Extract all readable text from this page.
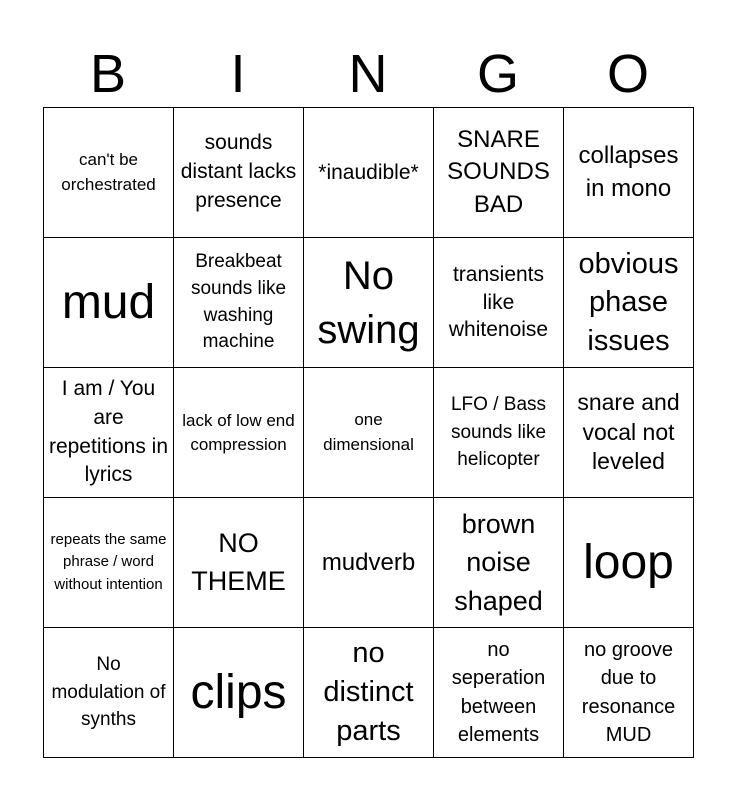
B	I	N	G	O
can't be orchestrated	sounds distant lacks presence	*inaudible*	SNARE SOUNDS BAD	collapses in mono
mud	Breakbeat sounds like washing machine	No swing	transients like whitenoise	obvious phase issues
I am / You are repetitions in lyrics	lack of low end compression	one dimensional	LFO / Bass sounds like helicopter	snare and vocal not leveled
repeats the same phrase / word without intention	NO THEME	mudverb	brown noise shaped	loop
No modulation of synths	clips	no distinct parts	no seperation between elements	no groove due to resonance MUD
